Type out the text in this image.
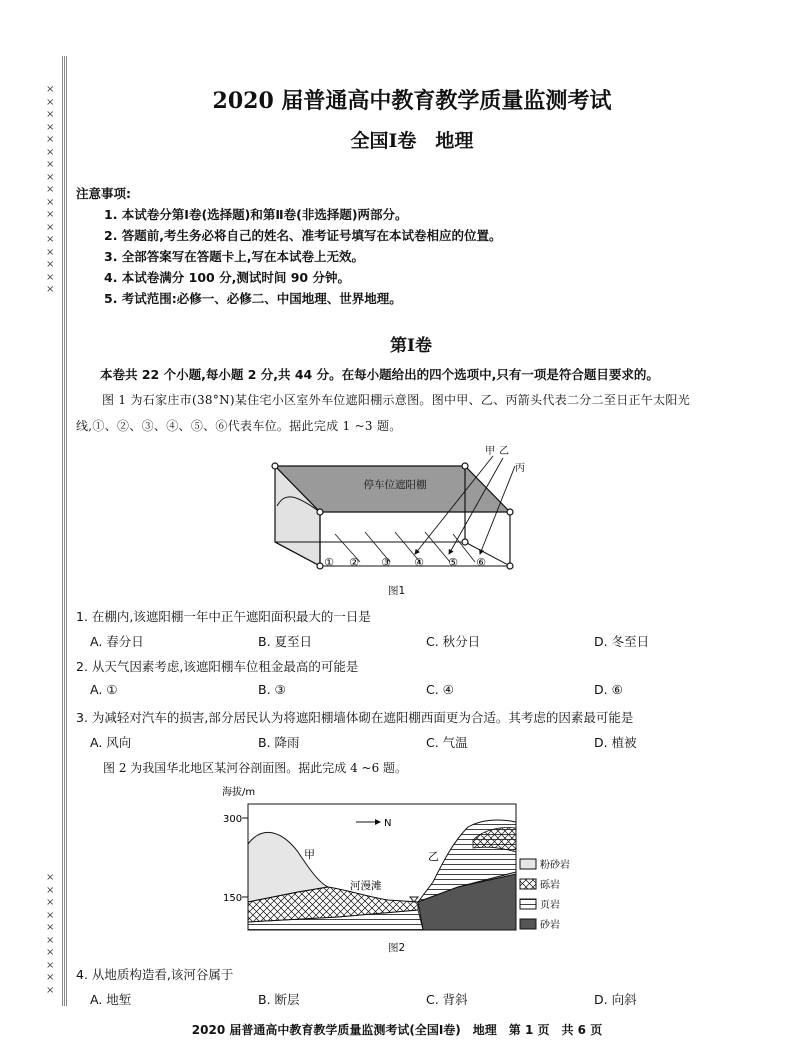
×
×
×
×
×
×
×
×
×
×
×
×
×
×
×
×
×
×
×
×
×
×
×
×
×
×
×
2020 届普通高中教育教学质量监测考试
全国Ⅰ卷　地理
注意事项:
1. 本试卷分第Ⅰ卷(选择题)和第Ⅱ卷(非选择题)两部分。
2. 答题前,考生务必将自己的姓名、准考证号填写在本试卷相应的位置。
3. 全部答案写在答题卡上,写在本试卷上无效。
4. 本试卷满分 100 分,测试时间 90 分钟。
5. 考试范围:必修一、必修二、中国地理、世界地理。
第Ⅰ卷
本卷共 22 个小题,每小题 2 分,共 44 分。在每小题给出的四个选项中,只有一项是符合题目要求的。
图 1 为石家庄市(38°N)某住宅小区室外车位遮阳棚示意图。图中甲、乙、丙箭头代表二分二至日正午太阳光线,①、②、③、④、⑤、⑥代表车位。据此完成 1 ~3 题。
停车位遮阳棚
甲 乙
丙
① ② ③ ④ ⑤ ⑥
图1
1. 在棚内,该遮阳棚一年中正午遮阳面积最大的一日是
A. 春分日	B. 夏至日	C. 秋分日	D. 冬至日
2. 从天气因素考虑,该遮阳棚车位租金最高的可能是
A. ①	B. ③	C. ④	D. ⑥
3. 为减轻对汽车的损害,部分居民认为将遮阳棚墙体砌在遮阳棚西面更为合适。其考虑的因素最可能是
A. 风向	B. 降雨	C. 气温	D. 植被
图 2 为我国华北地区某河谷剖面图。据此完成 4 ~6 题。
海拔/m
300
150
N
甲	乙
河漫滩
粉砂岩
砾岩
页岩
砂岩
图2
4. 从地质构造看,该河谷属于
A. 地堑	B. 断层	C. 背斜	D. 向斜
2020 届普通高中教育教学质量监测考试(全国Ⅰ卷)　地理　第 1 页　共 6 页
